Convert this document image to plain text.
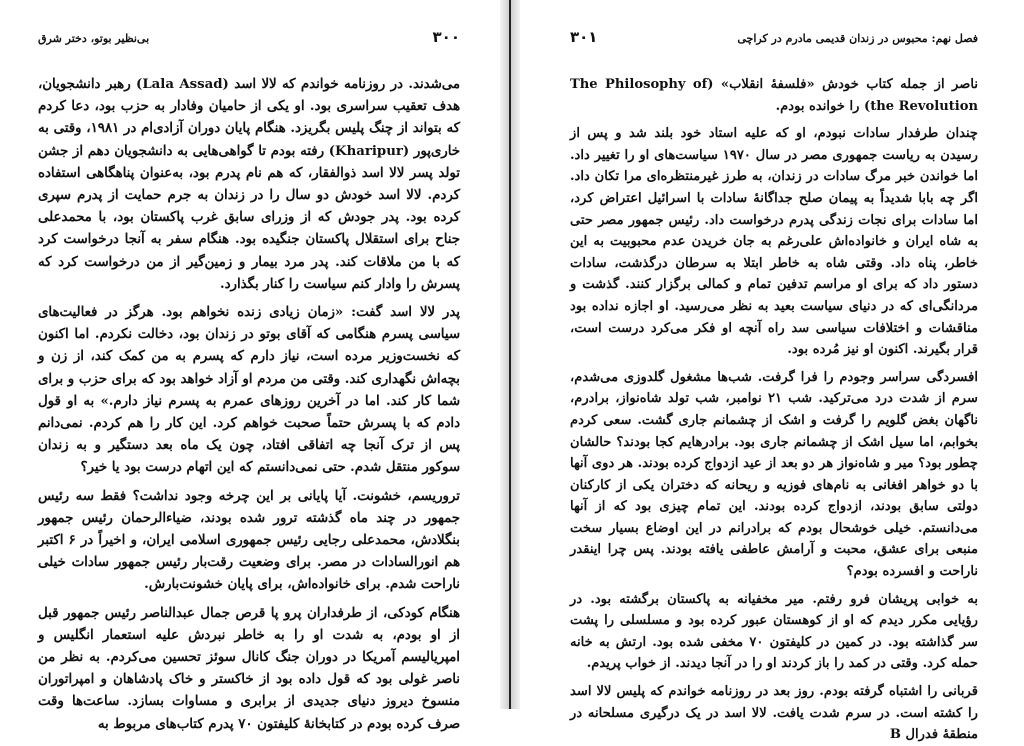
۳۰۰
بی‌نظیر بوتو، دختر شرق

می‌شدند. در روزنامه خواندم که لالا اسد (Lala Assad) رهبر دانشجویان، هدف تعقیب سراسری بود. او یکی از حامیان وفادار به حزب بود، دعا کردم که بتواند از چنگ پلیس بگریزد. هنگام پایان دوران آزادی‌ام در ۱۹۸۱، وقتی به خاری‌پور (Kharipur) رفته بودم تا گواهی‌هایی به دانشجویان دهم از جشن تولد پسر لالا اسد ذوالفقار، که هم نام پدرم بود، به‌عنوان پناهگاهی استفاده کردم. لالا اسد خودش دو سال را در زندان به جرم حمایت از پدرم سپری کرده بود. پدر جودش که از وزرای سابق غرب پاکستان بود، با محمدعلی جناح برای استقلال پاکستان جنگیده بود. هنگام سفر به آنجا درخواست کرد که با من ملاقات کند. پدر مرد بیمار و زمین‌گیر از من درخواست کرد که پسرش را وادار کنم سیاست را کنار بگذارد.

پدر لالا اسد گفت: «زمان زیادی زنده نخواهم بود. هرگز در فعالیت‌های سیاسی پسرم هنگامی که آقای بوتو در زندان بود، دخالت نکردم. اما اکنون که نخست‌وزیر مرده است، نیاز دارم که پسرم به من کمک کند، از زن و بچه‌اش نگهداری کند. وقتی من مردم او آزاد خواهد بود که برای حزب و برای شما کار کند. اما در آخرین روزهای عمرم به پسرم نیاز دارم.» به او قول دادم که با پسرش حتماً صحبت خواهم کرد. این کار را هم کردم. نمی‌دانم پس از ترک آنجا چه اتفاقی افتاد، چون یک ماه بعد دستگیر و به زندان سوکور منتقل شدم. حتی نمی‌دانستم که این اتهام درست بود یا خیر؟

تروریسم، خشونت. آیا پایانی بر این چرخه وجود نداشت؟ فقط سه رئیس جمهور در چند ماه گذشته ترور شده بودند، ضیاءالرحمان رئیس جمهور بنگلادش، محمدعلی رجایی رئیس جمهوری اسلامی ایران، و اخیراً در ۶ اکتبر هم انورالسادات در مصر. برای وضعیت رقت‌بار رئیس جمهور سادات خیلی ناراحت شدم. برای خانواده‌اش، برای پایان خشونت‌بارش.

هنگام کودکی، از طرفداران پرو پا قرص جمال عبدالناصر رئیس جمهور قبل از او بودم، به شدت او را به خاطر نبردش علیه استعمار انگلیس و امپریالیسم آمریکا در دوران جنگ کانال سوئز تحسین می‌کردم. به نظر من ناصر غولی بود که قول داده بود از خاکستر و خاک پادشاهان و امپراتوران منسوخ دیروز دنیای جدیدی از برابری و مساوات بسازد. ساعت‌ها وقت صرف کرده بودم در کتابخانهٔ کلیفتون ۷۰ پدرم کتاب‌های مربوط به

فصل نهم: محبوس در زندان قدیمی مادرم در کراچی
۳۰۱

ناصر از جمله کتاب خودش «فلسفهٔ انقلاب» (The Philosophy of the Revolution) را خوانده بودم.

چندان طرفدار سادات نبودم، او که علیه استاد خود بلند شد و پس از رسیدن به ریاست جمهوری مصر در سال ۱۹۷۰ سیاست‌های او را تغییر داد. اما خواندن خبر مرگ سادات در زندان، به طرز غیرمنتظره‌ای مرا تکان داد. اگر چه بابا شدیداً به پیمان صلح جداگانهٔ سادات با اسرائیل اعتراض کرد، اما سادات برای نجات زندگی پدرم درخواست داد. رئیس جمهور مصر حتی به شاه ایران و خانواده‌اش علی‌رغم به جان خریدن عدم محبوبیت به این خاطر، پناه داد. وقتی شاه به خاطر ابتلا به سرطان درگذشت، سادات دستور داد که برای او مراسم تدفین تمام و کمالی برگزار کنند. گذشت و مردانگی‌ای که در دنیای سیاست بعید به نظر می‌رسید. او اجازه نداده بود مناقشات و اختلافات سیاسی سد راه آنچه او فکر می‌کرد درست است، قرار بگیرند. اکنون او نیز مُرده بود.

افسردگی سراسر وجودم را فرا گرفت. شب‌ها مشغول گلدوزی می‌شدم، سرم از شدت درد می‌ترکید. شب ۲۱ نوامبر، شب تولد شاه‌نواز، برادرم، ناگهان بغض گلویم را گرفت و اشک از چشمانم جاری گشت. سعی کردم بخوابم، اما سیل اشک از چشمانم جاری بود. برادرهایم کجا بودند؟ حالشان چطور بود؟ میر و شاه‌نواز هر دو بعد از عید ازدواج کرده بودند. هر دوی آنها با دو خواهر افغانی به نام‌های فوزیه و ریحانه که دختران یکی از کارکنان دولتی سابق بودند، ازدواج کرده بودند. این تمام چیزی بود که از آنها می‌دانستم. خیلی خوشحال بودم که برادرانم در این اوضاع بسیار سخت منبعی برای عشق، محبت و آرامش عاطفی یافته بودند. پس چرا اینقدر ناراحت و افسرده بودم؟

به خوابی پریشان فرو رفتم. میر مخفیانه به پاکستان برگشته بود. در رؤیایی مکرر دیدم که او از کوهستان عبور کرده بود و مسلسلی را پشت سر گذاشته بود. در کمین در کلیفتون ۷۰ مخفی شده بود. ارتش به خانه حمله کرد. وقتی در کمد را باز کردند او را در آنجا دیدند. از خواب پریدم.

قربانی را اشتباه گرفته بودم. روز بعد در روزنامه خواندم که پلیس لالا اسد را کشته است. در سرم شدت یافت. لالا اسد در یک درگیری مسلحانه در منطقهٔ فدرال B
